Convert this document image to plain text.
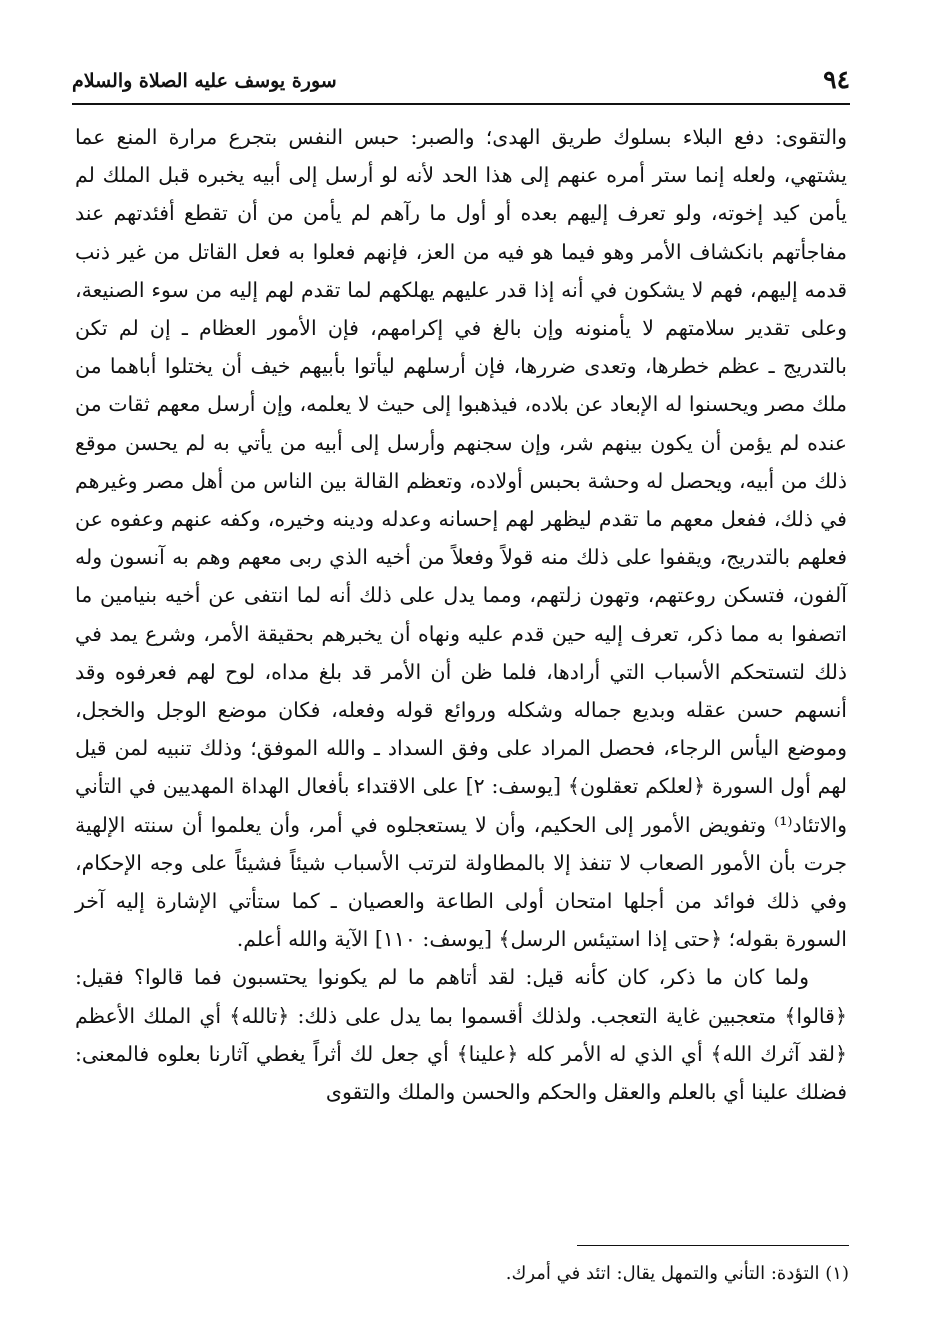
٩٤
سورة يوسف عليه الصلاة والسلام

والتقوى: دفع البلاء بسلوك طريق الهدى؛ والصبر: حبس النفس بتجرع مرارة المنع عما يشتهي، ولعله إنما ستر أمره عنهم إلى هذا الحد لأنه لو أرسل إلى أبيه يخبره قبل الملك لم يأمن كيد إخوته، ولو تعرف إليهم بعده أو أول ما رآهم لم يأمن من أن تقطع أفئدتهم عند مفاجأتهم بانكشاف الأمر وهو فيما هو فيه من العز، فإنهم فعلوا به فعل القاتل من غير ذنب قدمه إليهم، فهم لا يشكون في أنه إذا قدر عليهم يهلكهم لما تقدم لهم إليه من سوء الصنيعة، وعلى تقدير سلامتهم لا يأمنونه وإن بالغ في إكرامهم، فإن الأمور العظام ـ إن لم تكن بالتدريج ـ عظم خطرها، وتعدى ضررها، فإن أرسلهم ليأتوا بأبيهم خيف أن يختلوا أباهما من ملك مصر ويحسنوا له الإبعاد عن بلاده، فيذهبوا إلى حيث لا يعلمه، وإن أرسل معهم ثقات من عنده لم يؤمن أن يكون بينهم شر، وإن سجنهم وأرسل إلى أبيه من يأتي به لم يحسن موقع ذلك من أبيه، ويحصل له وحشة بحبس أولاده، وتعظم القالة بين الناس من أهل مصر وغيرهم في ذلك، ففعل معهم ما تقدم ليظهر لهم إحسانه وعدله ودينه وخيره، وكفه عنهم وعفوه عن فعلهم بالتدريج، ويقفوا على ذلك منه قولاً وفعلاً من أخيه الذي ربى معهم وهم به آنسون وله آلفون، فتسكن روعتهم، وتهون زلتهم، ومما يدل على ذلك أنه لما انتفى عن أخيه بنيامين ما اتصفوا به مما ذكر، تعرف إليه حين قدم عليه ونهاه أن يخبرهم بحقيقة الأمر، وشرع يمد في ذلك لتستحكم الأسباب التي أرادها، فلما ظن أن الأمر قد بلغ مداه، لوح لهم فعرفوه وقد أنسهم حسن عقله وبديع جماله وشكله وروائع قوله وفعله، فكان موضع الوجل والخجل، وموضع اليأس الرجاء، فحصل المراد على وفق السداد ـ والله الموفق؛ وذلك تنبيه لمن قيل لهم أول السورة ﴿لعلكم تعقلون﴾ [يوسف: ٢] على الاقتداء بأفعال الهداة المهديين في التأني والاتئاد⁽¹⁾ وتفويض الأمور إلى الحكيم، وأن لا يستعجلوه في أمر، وأن يعلموا أن سنته الإلهية جرت بأن الأمور الصعاب لا تنفذ إلا بالمطاولة لترتب الأسباب شيئاً فشيئاً على وجه الإحكام، وفي ذلك فوائد من أجلها امتحان أولى الطاعة والعصيان ـ كما ستأتي الإشارة إليه آخر السورة بقوله؛ ﴿حتى إذا استيئس الرسل﴾ [يوسف: ١١٠] الآية والله أعلم.

ولما كان ما ذكر، كان كأنه قيل: لقد أتاهم ما لم يكونوا يحتسبون فما قالوا؟ فقيل: ﴿قالوا﴾ متعجبين غاية التعجب. ولذلك أقسموا بما يدل على ذلك: ﴿تالله﴾ أي الملك الأعظم ﴿لقد آثرك الله﴾ أي الذي له الأمر كله ﴿علينا﴾ أي جعل لك أثراً يغطي آثارنا بعلوه فالمعنى: فضلك علينا أي بالعلم والعقل والحكم والحسن والملك والتقوى

(١) التؤدة: التأني والتمهل يقال: اتئد في أمرك.
